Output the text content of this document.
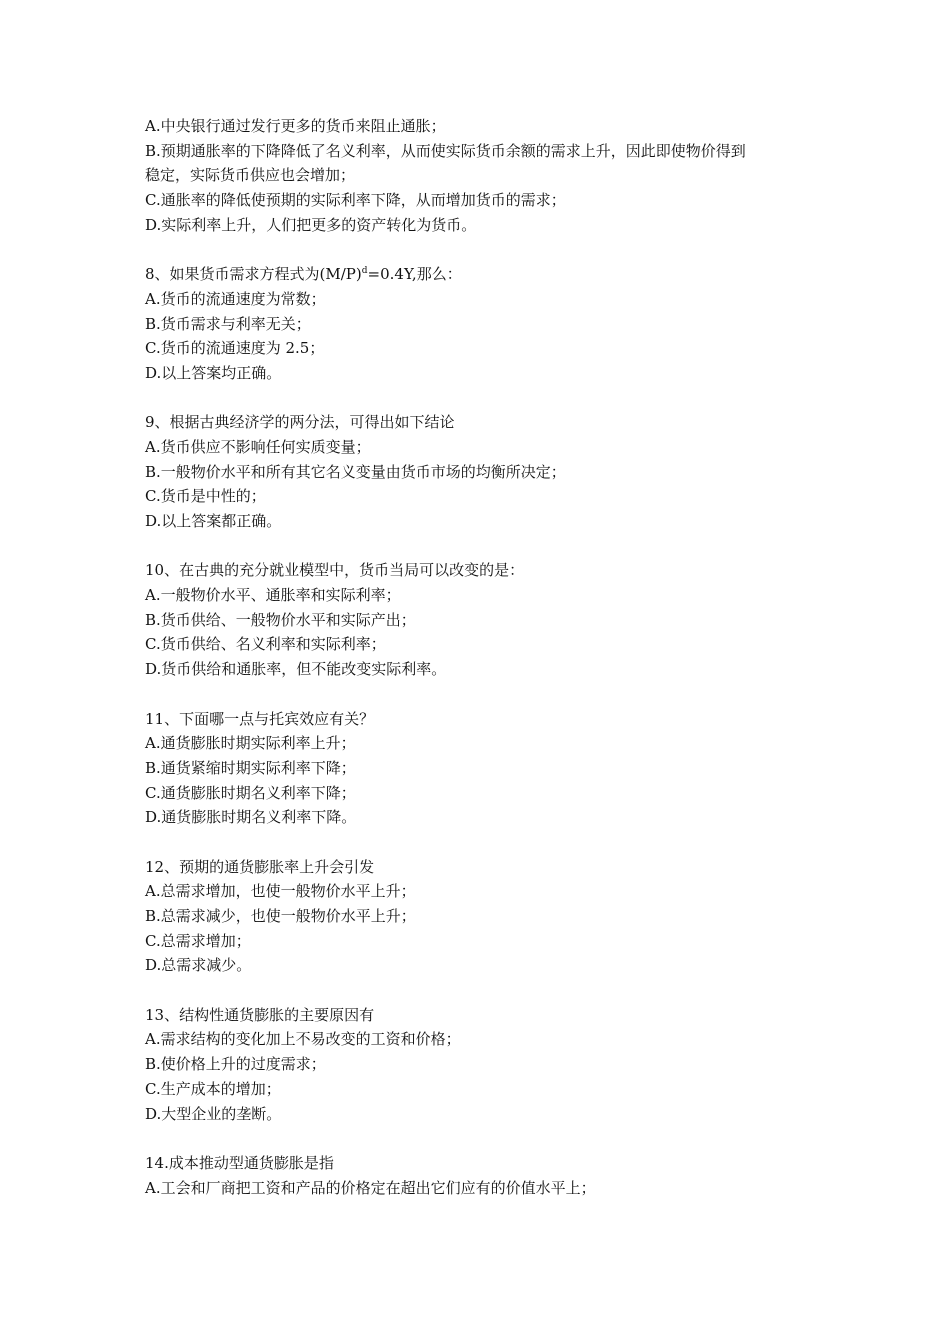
A.中央银行通过发行更多的货币来阻止通胀；
B.预期通胀率的下降降低了名义利率，从而使实际货币余额的需求上升，因此即使物价得到
稳定，实际货币供应也会增加；
C.通胀率的降低使预期的实际利率下降，从而增加货币的需求；
D.实际利率上升，人们把更多的资产转化为货币。
8、如果货币需求方程式为$(M/P)^d=0.4Y$,那么：
A.货币的流通速度为常数；
B.货币需求与利率无关；
C.货币的流通速度为 2.5；
D.以上答案均正确。
9、根据古典经济学的两分法，可得出如下结论
A.货币供应不影响任何实质变量；
B.一般物价水平和所有其它名义变量由货币市场的均衡所决定；
C.货币是中性的；
D.以上答案都正确。
10、在古典的充分就业模型中，货币当局可以改变的是：
A.一般物价水平、通胀率和实际利率；
B.货币供给、一般物价水平和实际产出；
C.货币供给、名义利率和实际利率；
D.货币供给和通胀率，但不能改变实际利率。
11、下面哪一点与托宾效应有关？
A.通货膨胀时期实际利率上升；
B.通货紧缩时期实际利率下降；
C.通货膨胀时期名义利率下降；
D.通货膨胀时期名义利率下降。
12、预期的通货膨胀率上升会引发
A.总需求增加，也使一般物价水平上升；
B.总需求减少，也使一般物价水平上升；
C.总需求增加；
D.总需求减少。
13、结构性通货膨胀的主要原因有
A.需求结构的变化加上不易改变的工资和价格；
B.使价格上升的过度需求；
C.生产成本的增加；
D.大型企业的垄断。
14.成本推动型通货膨胀是指
A.工会和厂商把工资和产品的价格定在超出它们应有的价值水平上；
